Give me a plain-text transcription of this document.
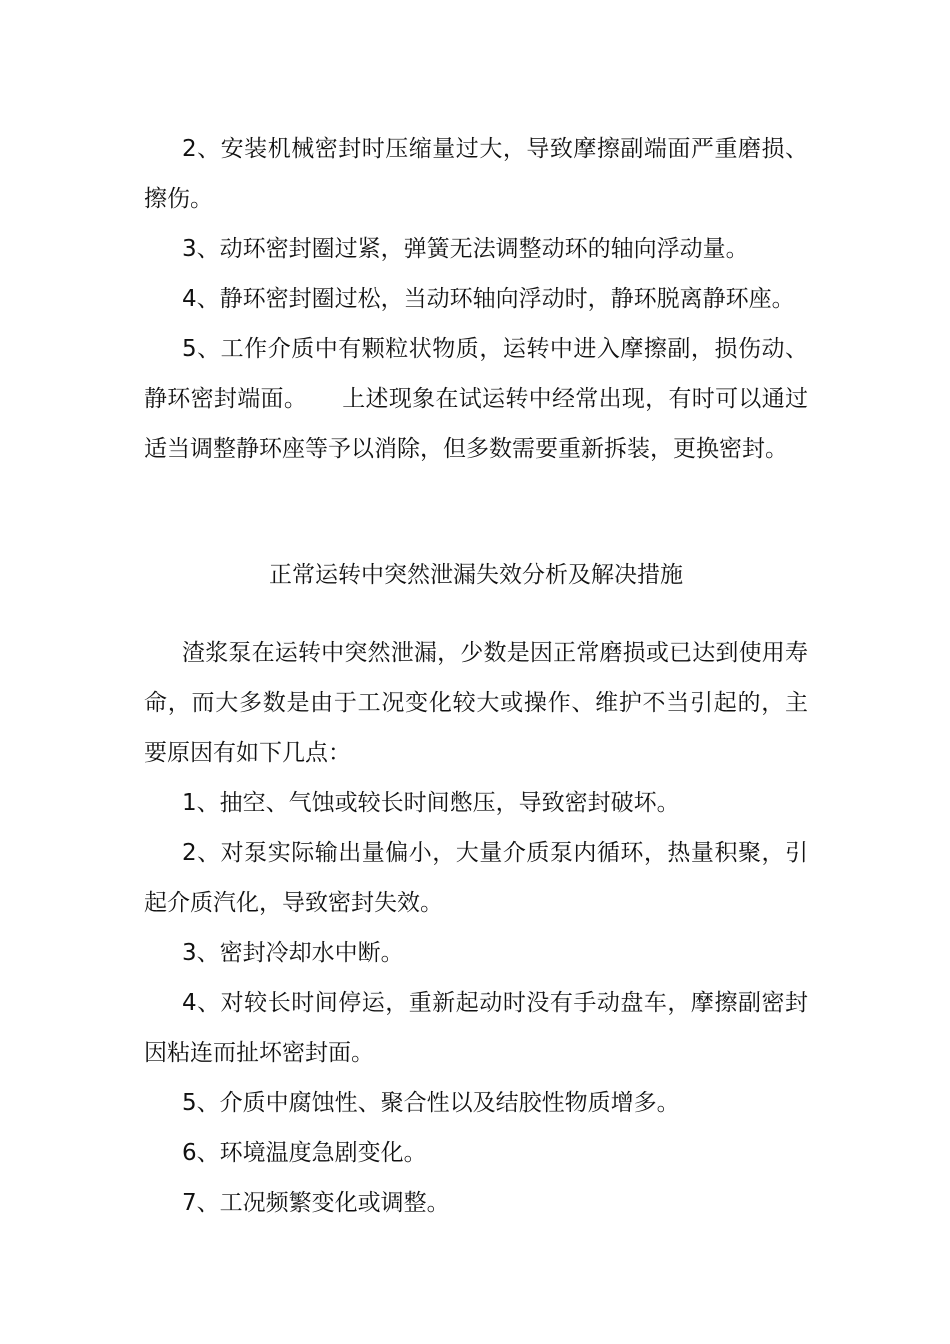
2、安装机械密封时压缩量过大，导致摩擦副端面严重磨损、擦伤。

3、动环密封圈过紧，弹簧无法调整动环的轴向浮动量。

4、静环密封圈过松，当动环轴向浮动时，静环脱离静环座。

5、工作介质中有颗粒状物质，运转中进入摩擦副，损伤动、静环密封端面。　　上述现象在试运转中经常出现，有时可以通过适当调整静环座等予以消除，但多数需要重新拆装，更换密封。

正常运转中突然泄漏失效分析及解决措施

渣浆泵在运转中突然泄漏，少数是因正常磨损或已达到使用寿命，而大多数是由于工况变化较大或操作、维护不当引起的，主要原因有如下几点：

1、抽空、气蚀或较长时间憋压，导致密封破坏。

2、对泵实际输出量偏小，大量介质泵内循环，热量积聚，引起介质汽化，导致密封失效。

3、密封冷却水中断。

4、对较长时间停运，重新起动时没有手动盘车，摩擦副密封因粘连而扯坏密封面。

5、介质中腐蚀性、聚合性以及结胶性物质增多。

6、环境温度急剧变化。

7、工况频繁变化或调整。
